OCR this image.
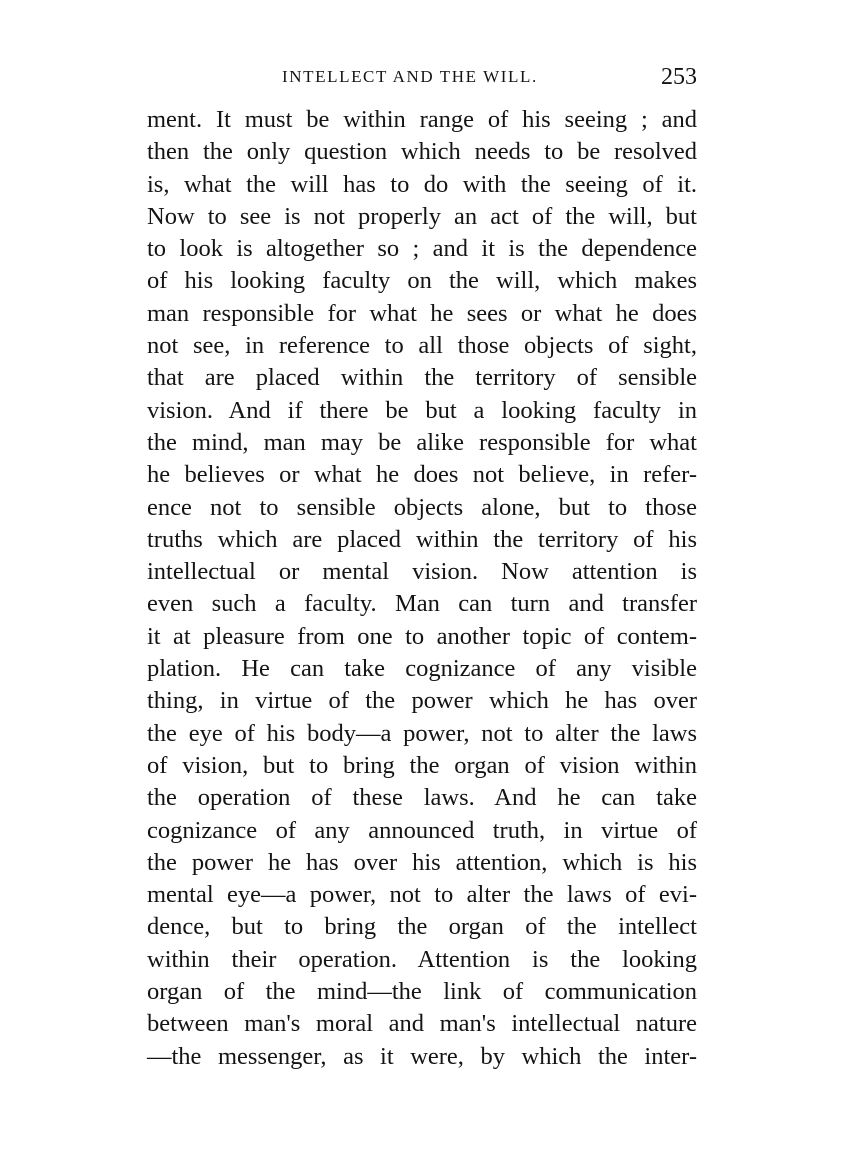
INTELLECT AND THE WILL.	253
ment. It must be within range of his seeing ; and
then the only question which needs to be resolved
is, what the will has to do with the seeing of it.
Now to see is not properly an act of the will, but
to look is altogether so ; and it is the dependence
of his looking faculty on the will, which makes
man responsible for what he sees or what he does
not see, in reference to all those objects of sight,
that are placed within the territory of sensible
vision. And if there be but a looking faculty in
the mind, man may be alike responsible for what
he believes or what he does not believe, in refer-
ence not to sensible objects alone, but to those
truths which are placed within the territory of his
intellectual or mental vision. Now attention is
even such a faculty. Man can turn and transfer
it at pleasure from one to another topic of contem-
plation. He can take cognizance of any visible
thing, in virtue of the power which he has over
the eye of his body—a power, not to alter the laws
of vision, but to bring the organ of vision within
the operation of these laws. And he can take
cognizance of any announced truth, in virtue of
the power he has over his attention, which is his
mental eye—a power, not to alter the laws of evi-
dence, but to bring the organ of the intellect
within their operation. Attention is the looking
organ of the mind—the link of communication
between man's moral and man's intellectual nature
—the messenger, as it were, by which the inter-
